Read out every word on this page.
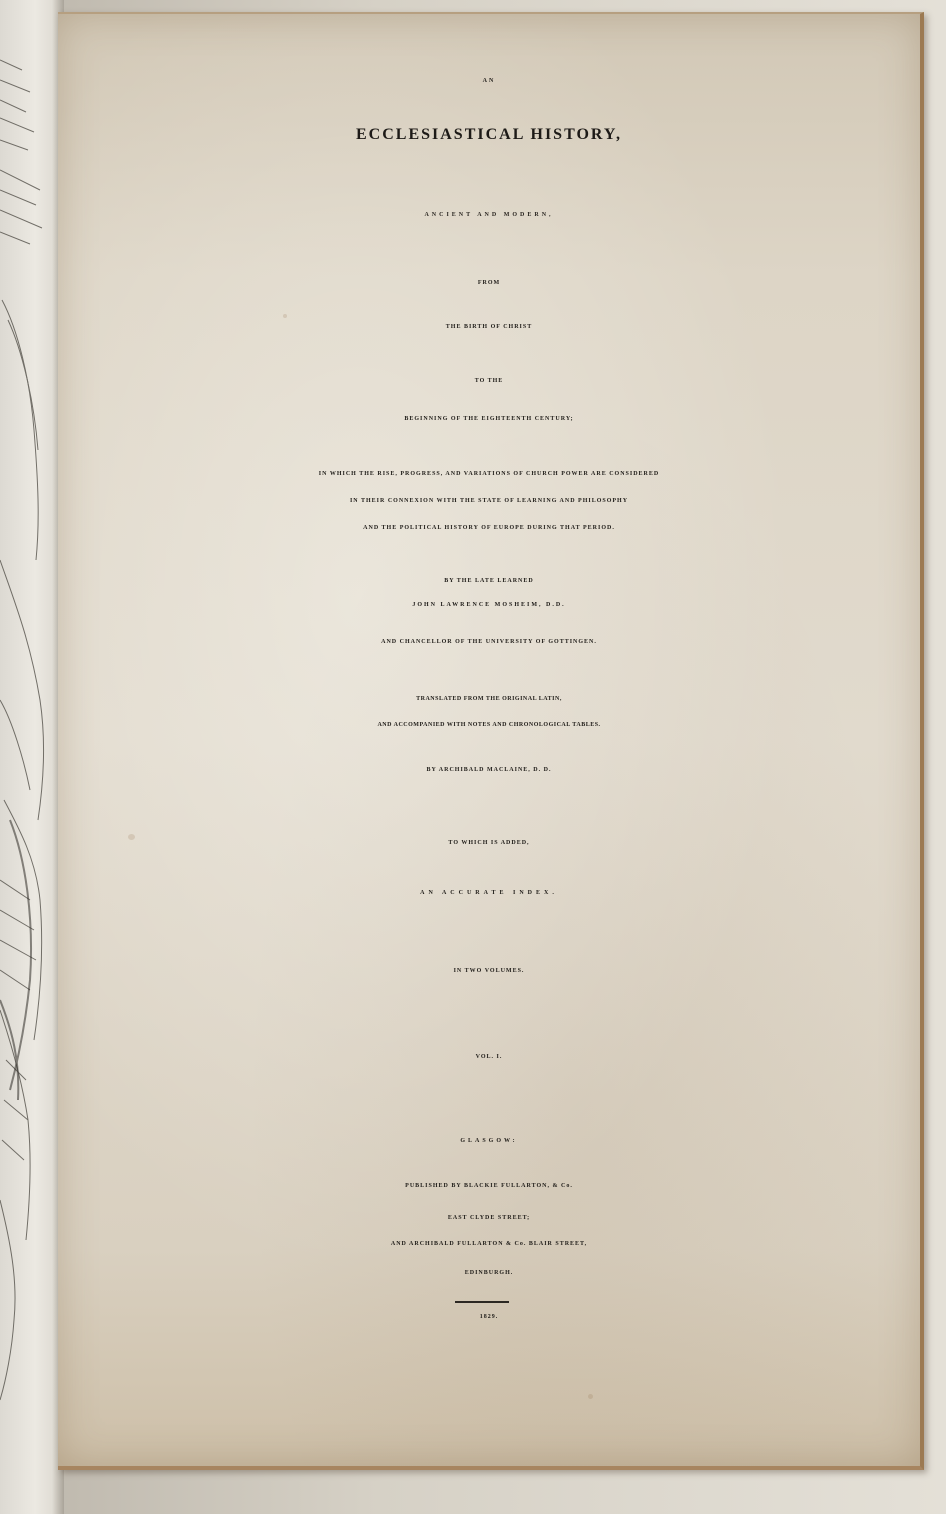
AN

ECCLESIASTICAL HISTORY,

ANCIENT AND MODERN,

FROM

THE BIRTH OF CHRIST

TO THE

BEGINNING OF THE EIGHTEENTH CENTURY;

IN WHICH THE RISE, PROGRESS, AND VARIATIONS OF CHURCH POWER ARE CONSIDERED

IN THEIR CONNEXION WITH THE STATE OF LEARNING AND PHILOSOPHY

AND THE POLITICAL HISTORY OF EUROPE DURING THAT PERIOD.

BY THE LATE LEARNED

JOHN LAWRENCE MOSHEIM, D.D.

AND CHANCELLOR OF THE UNIVERSITY OF GOTTINGEN.

TRANSLATED FROM THE ORIGINAL LATIN,

AND ACCOMPANIED WITH NOTES AND CHRONOLOGICAL TABLES.

BY ARCHIBALD MACLAINE, D. D.

TO WHICH IS ADDED,

AN ACCURATE INDEX.

IN TWO VOLUMES.

VOL. I.

GLASGOW:

PUBLISHED BY BLACKIE FULLARTON, & Co.

EAST CLYDE STREET;

AND ARCHIBALD FULLARTON & Co. BLAIR STREET,

EDINBURGH.

1829.
